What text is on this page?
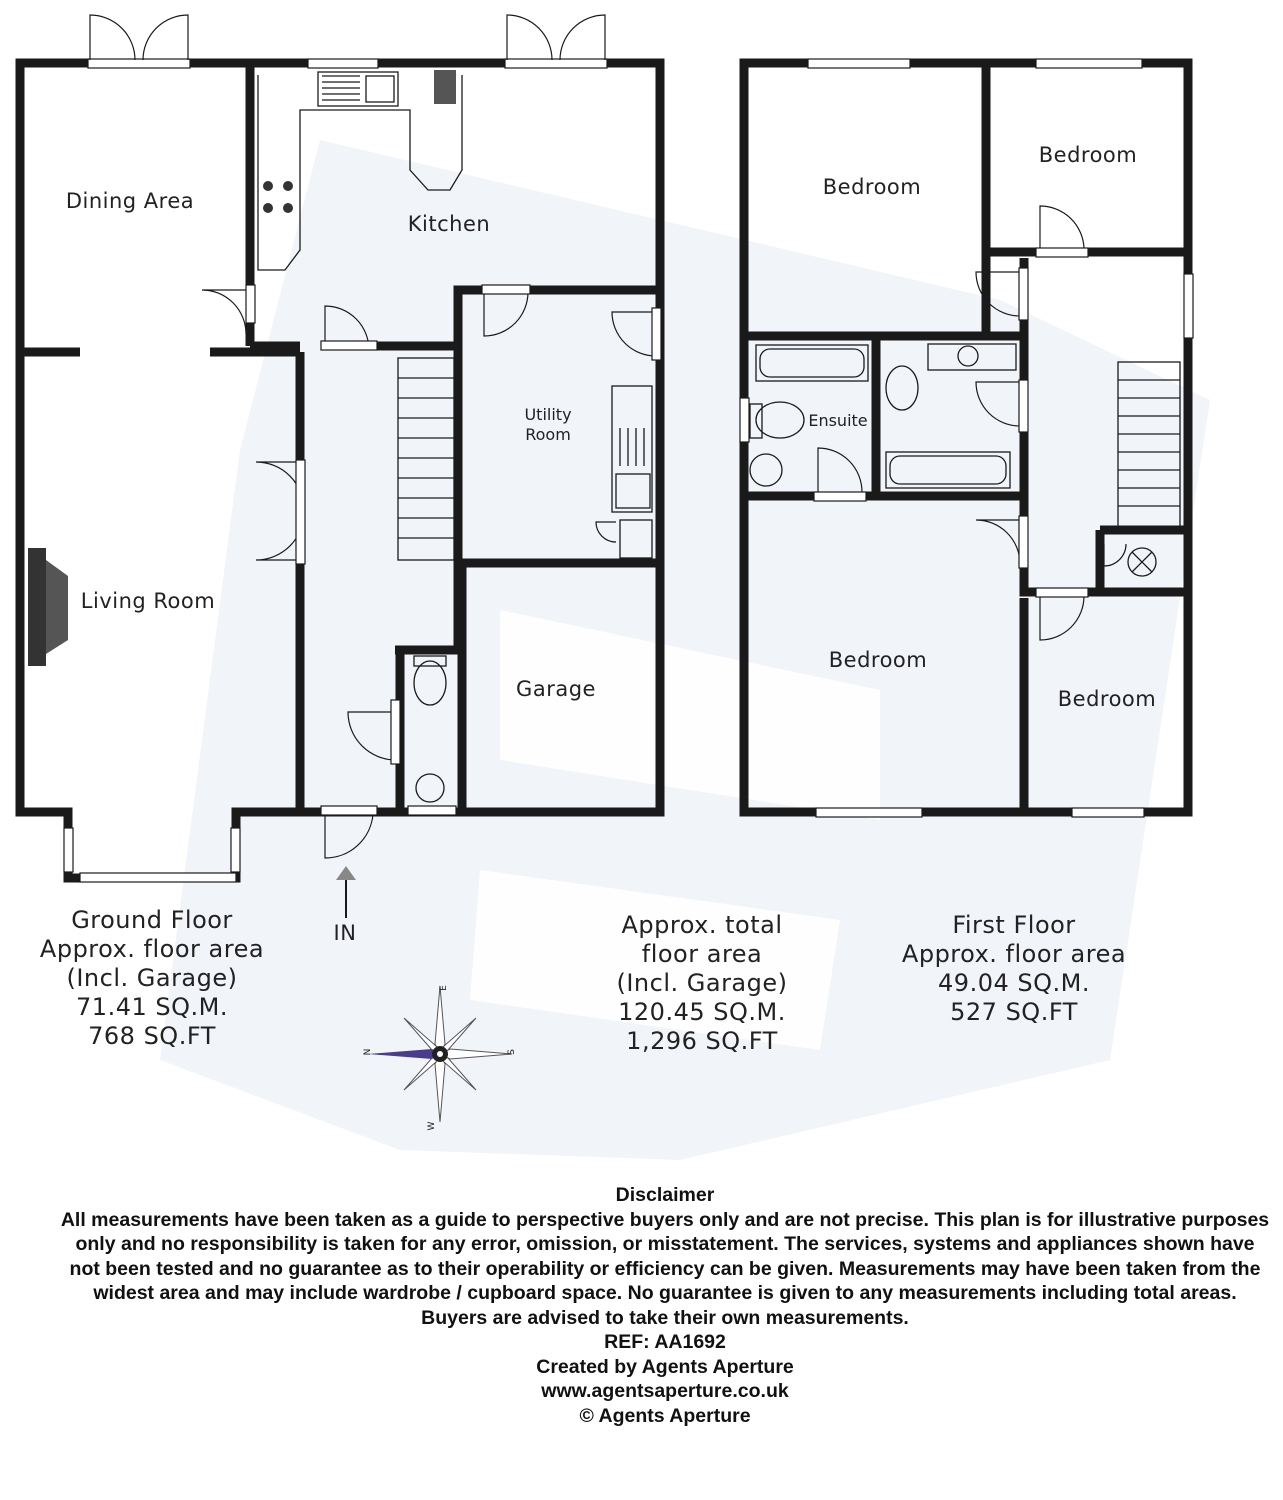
Dining Area
Kitchen
Utility
Room
Living Room
Garage
IN
Bedroom
Bedroom
Ensuite
Bedroom
Bedroom
Ground Floor
Approx. floor area
(Incl. Garage)
71.41 SQ.M.
768 SQ.FT
Approx. total
floor area
(Incl. Garage)
120.45 SQ.M.
1,296 SQ.FT
First Floor
Approx. floor area
49.04 SQ.M.
527 SQ.FT
N
E
S
W
Disclaimer
All measurements have been taken as a guide to perspective buyers only and are not precise. This plan is for illustrative purposes only and no responsibility is taken for any error, omission, or misstatement. The services, systems and appliances shown have not been tested and no guarantee as to their operability or efficiency can be given. Measurements may have been taken from the widest area and may include wardrobe / cupboard space. No guarantee is given to any measurements including total areas. Buyers are advised to take their own measurements.
REF: AA1692
Created by Agents Aperture
www.agentsaperture.co.uk
© Agents Aperture
